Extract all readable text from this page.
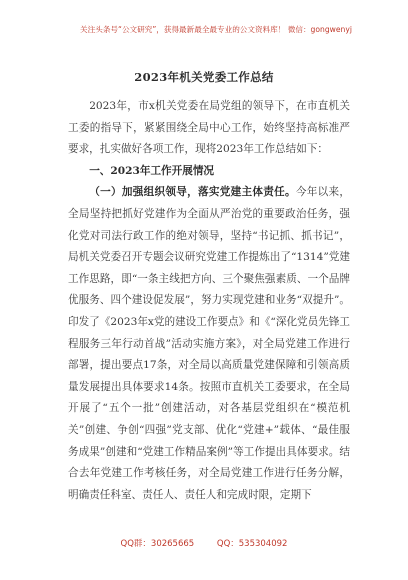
关注头条号“公文研究”，获得最新最全最专业的公文资料库！ 微信：gongwenyj
2023年机关党委工作总结

2023年，市x机关党委在局党组的领导下，在市直机关工委的指导下，紧紧围绕全局中心工作，始终坚持高标准严要求，扎实做好各项工作，现将2023年工作总结如下：

一、2023年工作开展情况

（一）加强组织领导，落实党建主体责任。今年以来，全局坚持把抓好党建作为全面从严治党的重要政治任务，强化党对司法行政工作的绝对领导，坚持“书记抓、抓书记”，局机关党委召开专题会议研究党建工作提炼出了“1314”党建工作思路，即“一条主线把方向、三个聚焦强素质、一个品牌优服务、四个建设促发展”，努力实现党建和业务“双提升”。印发了《2023年x党的建设工作要点》和《“深化党员先锋工程服务三年行动首战”活动实施方案》，对全局党建工作进行部署，提出要点17条，对全局以高质量党建保障和引领高质量发展提出具体要求14条。按照市直机关工委要求，在全局开展了“五个一批”创建活动，对各基层党组织在“模范机关”创建、争创“四强”党支部、优化“党建+”载体、“最佳服务成果”创建和“党建工作精品案例”等工作提出具体要求。结合去年党建工作考核任务，对全局党建工作进行任务分解，明确责任科室、责任人、责任人和完成时限，定期下

QQ群：30265665	QQ：535304092
